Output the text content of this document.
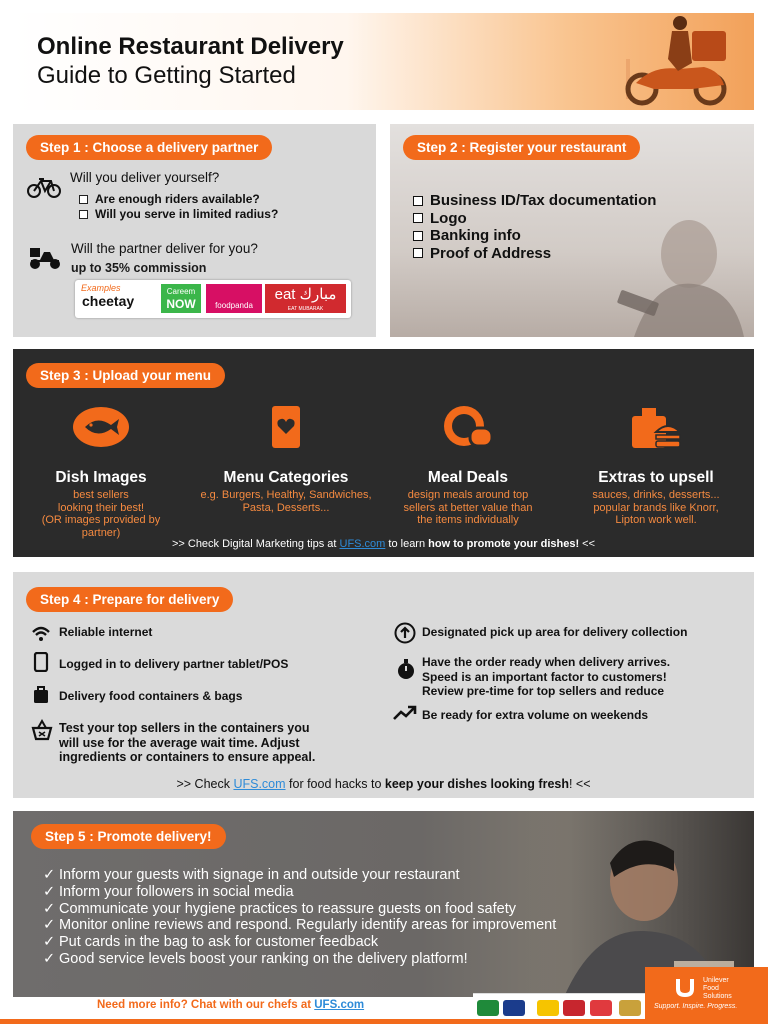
Online Restaurant Delivery
Guide to Getting Started
Step 1 : Choose a delivery partner
Will you deliver yourself?
Are enough riders available?
Will you serve in limited radius?
Will the partner deliver for you?
up to 35% commission
Examples
cheetay
Careem
NOW	foodpanda
eat مبارك
EAT MUBARAK
Step 2 : Register your restaurant
Business ID/Tax documentation
Logo
Banking info
Proof of Address
Step 3 : Upload your menu
Dish Images
best sellers
looking their best!
(OR images provided by
partner)
Menu Categories
e.g. Burgers, Healthy, Sandwiches,
Pasta, Desserts...
Meal Deals
design meals around top
sellers at better value than
the items individually
Extras to upsell
sauces, drinks, desserts...
popular brands like Knorr,
Lipton work well.
>> Check Digital Marketing tips at UFS.com to learn how to promote your dishes! <<
Step 4 : Prepare for delivery
Reliable internet
Logged in to delivery partner tablet/POS
Delivery food containers & bags
Test your top sellers in the containers you
will use for the average wait time. Adjust
ingredients or containers to ensure appeal.
Designated pick up area for delivery collection
Have the order ready when delivery arrives.
Speed is an important factor to customers!
Review pre-time for top sellers and reduce
Be ready for extra volume on weekends
>> Check UFS.com for food hacks to keep your dishes looking fresh! <<
Step 5 : Promote delivery!
✓ Inform your guests with signage in and outside your restaurant
✓ Inform your followers in social media
✓ Communicate your hygiene practices to reassure guests on food safety
✓ Monitor online reviews and respond. Regularly identify areas for improvement
✓ Put cards in the bag to ask for customer feedback
✓ Good service levels boost your ranking on the delivery platform!
Need more info? Chat with our chefs at UFS.com
Unilever
Food
Solutions
Support. Inspire. Progress.
